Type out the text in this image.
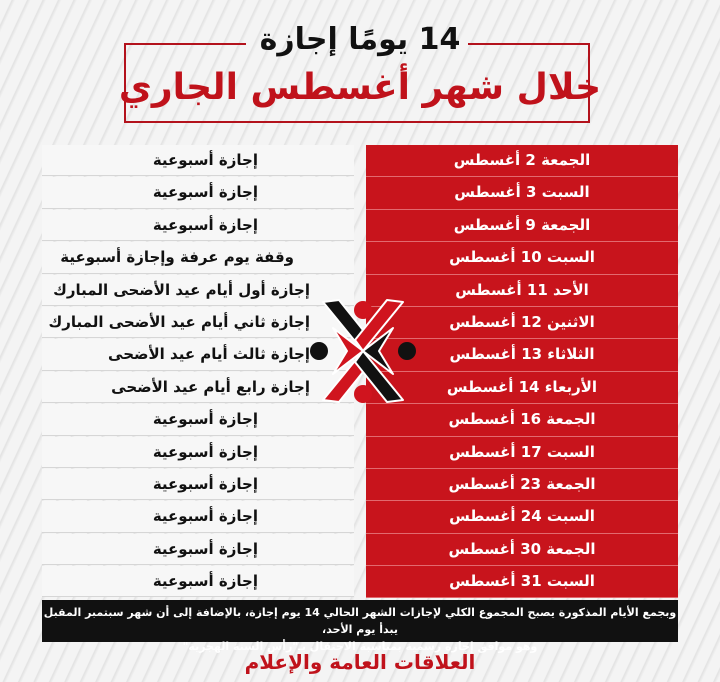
14 يومًا إجازة
خلال شهر أغسطس الجاري
الجمعة 2 أغسطس
إجازة أسبوعية
السبت 3 أغسطس
إجازة أسبوعية
الجمعة 9 أغسطس
إجازة أسبوعية
السبت 10 أغسطس
وقفة يوم عرفة وإجازة أسبوعية
الأحد 11 أغسطس
إجازة أول أيام عيد الأضحى المبارك
الاثنين 12 أغسطس
إجازة ثاني أيام عيد الأضحى المبارك
الثلاثاء 13 أغسطس
إجازة ثالث أيام عيد الأضحى
الأربعاء 14 أغسطس
إجازة رابع أيام عيد الأضحى
الجمعة 16 أغسطس
إجازة أسبوعية
السبت 17 أغسطس
إجازة أسبوعية
الجمعة 23 أغسطس
إجازة أسبوعية
السبت 24 أغسطس
إجازة أسبوعية
الجمعة 30 أغسطس
إجازة أسبوعية
السبت 31 أغسطس
إجازة أسبوعية
وبجمع الأيام المذكورة يصبح المجموع الكلي لإجازات الشهر الحالي 14 يوم إجازة، بالإضافة إلى أن شهر سبتمبر المقبل يبدأ يوم الأحد،
وهو موافق إجازة رسمية بمناسبة الاحتفال بـ"رأس السنة الهجرية"
العلاقات العامة والإعلام
